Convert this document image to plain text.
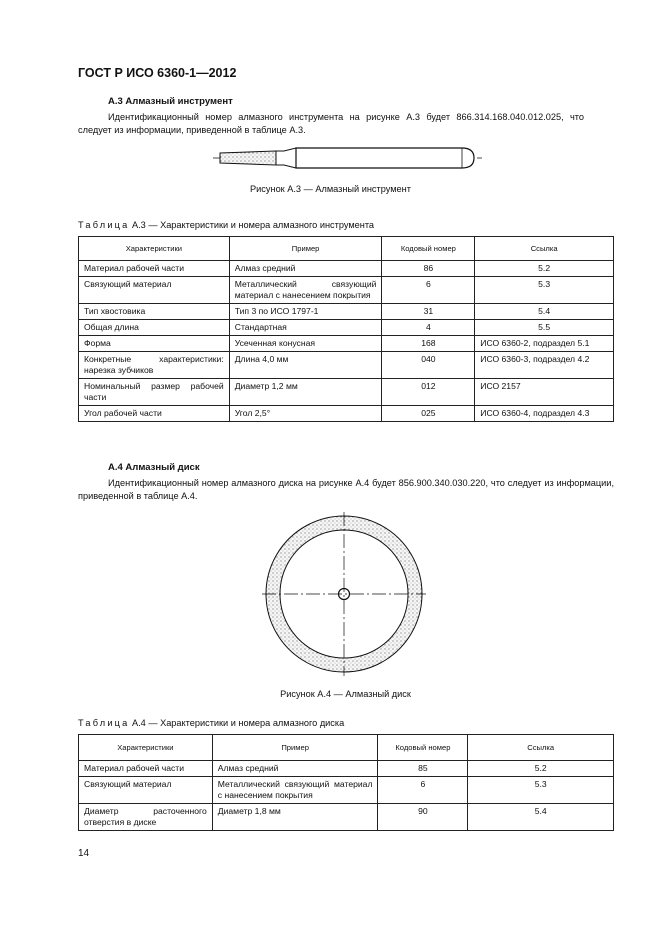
ГОСТ Р ИСО 6360-1—2012
А.3 Алмазный инструмент
Идентификационный номер алмазного инструмента на рисунке А.3 будет 866.314.168.040.012.025, что следует из информации, приведенной в таблице А.3.
Рисунок А.3 — Алмазный инструмент
Таблица А.3 — Характеристики и номера алмазного инструмента
Характеристики	Пример	Кодовый номер	Ссылка
Материал рабочей части	Алмаз средний	86	5.2
Связующий материал	Металлический связующий материал с нанесением покрытия	6	5.3
Тип хвостовика	Тип 3 по ИСО 1797-1	31	5.4
Общая длина	Стандартная	4	5.5
Форма	Усеченная конусная	168	ИСО 6360-2, подраздел 5.1
Конкретные характеристики: нарезка зубчиков	Длина 4,0 мм	040	ИСО 6360-3, подраздел 4.2
Номинальный размер рабочей части	Диаметр 1,2 мм	012	ИСО 2157
Угол рабочей части	Угол 2,5°	025	ИСО 6360-4, подраздел 4.3
А.4 Алмазный диск
Идентификационный номер алмазного диска на рисунке А.4 будет 856.900.340.030.220, что следует из информации, приведенной в таблице А.4.
Рисунок А.4 — Алмазный диск
Таблица А.4 — Характеристики и номера алмазного диска
Характеристики	Пример	Кодовый номер	Ссылка
Материал рабочей части	Алмаз средний	85	5.2
Связующий материал	Металлический связующий материал с нанесением покрытия	6	5.3
Диаметр расточенного отверстия в диске	Диаметр 1,8 мм	90	5.4
14
